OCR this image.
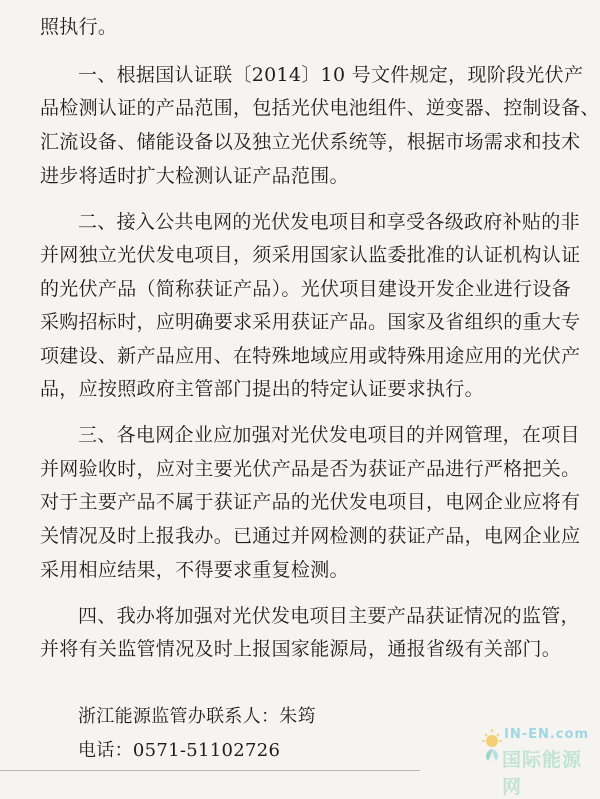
照执行。
一、根据国认证联〔2014〕10 号文件规定，现阶段光伏产
品检测认证的产品范围，包括光伏电池组件、逆变器、控制设备、
汇流设备、储能设备以及独立光伏系统等，根据市场需求和技术
进步将适时扩大检测认证产品范围。
二、接入公共电网的光伏发电项目和享受各级政府补贴的非
并网独立光伏发电项目，须采用国家认监委批准的认证机构认证
的光伏产品（简称获证产品）。光伏项目建设开发企业进行设备
采购招标时，应明确要求采用获证产品。国家及省组织的重大专
项建设、新产品应用、在特殊地域应用或特殊用途应用的光伏产
品，应按照政府主管部门提出的特定认证要求执行。
三、各电网企业应加强对光伏发电项目的并网管理，在项目
并网验收时，应对主要光伏产品是否为获证产品进行严格把关。
对于主要产品不属于获证产品的光伏发电项目，电网企业应将有
关情况及时上报我办。已通过并网检测的获证产品，电网企业应
采用相应结果，不得要求重复检测。
四、我办将加强对光伏发电项目主要产品获证情况的监管，
并将有关监管情况及时上报国家能源局，通报省级有关部门。
浙江能源监管办联系人：朱筠
电话：0571-51102726
IN-EN.com
国际能源网
